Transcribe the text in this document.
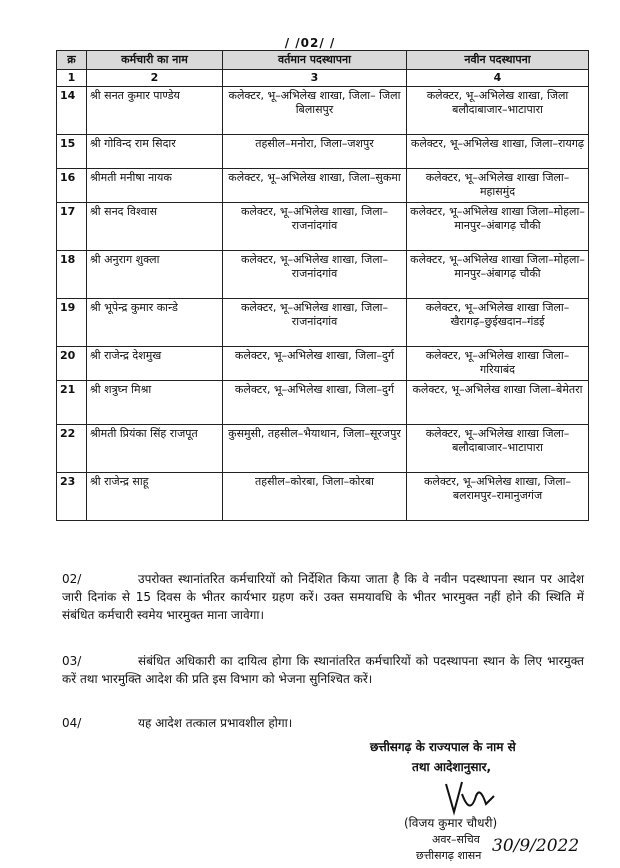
/ /02/ /
क्र	कर्मचारी का नाम	वर्तमान पदस्थापना	नवीन पदस्थापना
1	2	3	4
14	श्री सनत कुमार पाण्डेय	कलेक्टर, भू–अभिलेख शाखा, जिला– जिला बिलासपुर	कलेक्टर, भू–अभिलेख शाखा, जिला बलौदाबाजार–भाटापारा
15	श्री गोविन्द राम सिदार	तहसील–मनोरा, जिला–जशपुर	कलेक्टर, भू–अभिलेख शाखा, जिला–रायगढ़
16	श्रीमती मनीषा नायक	कलेक्टर, भू–अभिलेख शाखा, जिला–सुकमा	कलेक्टर, भू–अभिलेख शाखा जिला–महासमुंद
17	श्री सनद विश्वास	कलेक्टर, भू–अभिलेख शाखा, जिला–राजनांदगांव	कलेक्टर, भू–अभिलेख शाखा जिला–मोहला–मानपुर–अंबागढ़ चौकी
18	श्री अनुराग शुक्ला	कलेक्टर, भू–अभिलेख शाखा, जिला–राजनांदगांव	कलेक्टर, भू–अभिलेख शाखा जिला–मोहला–मानपुर–अंबागढ़ चौकी
19	श्री भूपेन्द्र कुमार कान्डे	कलेक्टर, भू–अभिलेख शाखा, जिला–राजनांदगांव	कलेक्टर, भू–अभिलेख शाखा जिला–खैरागढ़–छुईखदान–गंडई
20	श्री राजेन्द्र देशमुख	कलेक्टर, भू–अभिलेख शाखा, जिला–दुर्ग	कलेक्टर, भू–अभिलेख शाखा जिला–गरियाबंद
21	श्री शत्रुघ्न मिश्रा	कलेक्टर, भू–अभिलेख शाखा, जिला–दुर्ग	कलेक्टर, भू–अभिलेख शाखा जिला–बेमेतरा
22	श्रीमती प्रियंका सिंह राजपूत	कुसमुसी, तहसील–भैयाथान, जिला–सूरजपुर	कलेक्टर, भू–अभिलेख शाखा जिला–बलौदाबाजार–भाटापारा
23	श्री राजेन्द्र साहू	तहसील–कोरबा, जिला–कोरबा	कलेक्टर, भू–अभिलेख शाखा, जिला–बलरामपुर–रामानुजगंज
02/	उपरोक्त स्थानांतरित कर्मचारियों को निर्देशित किया जाता है कि वे नवीन पदस्थापना स्थान पर आदेश जारी दिनांक से 15 दिवस के भीतर कार्यभार ग्रहण करें। उक्त समयावधि के भीतर भारमुक्त नहीं होने की स्थिति में संबंधित कर्मचारी स्वमेय भारमुक्त माना जावेगा।
03/	संबंधित अधिकारी का दायित्व होगा कि स्थानांतरित कर्मचारियों को पदस्थापना स्थान के लिए भारमुक्त करें तथा भारमुक्ति आदेश की प्रति इस विभाग को भेजना सुनिश्चित करें।
04/	यह आदेश तत्काल प्रभावशील होगा।
छत्तीसगढ़ के राज्यपाल के नाम से
तथा आदेशानुसार,
(विजय कुमार चौधरी)
अवर–सचिव
छत्तीसगढ़ शासन 30/9/2022
